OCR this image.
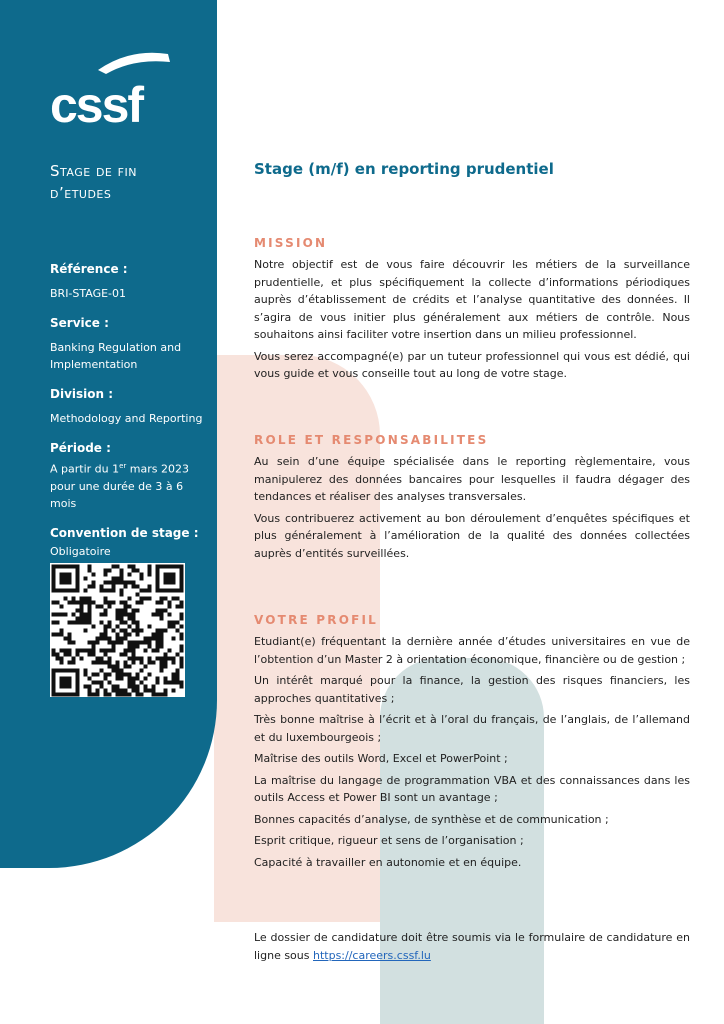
cssf
Stage de fin
d’etudes
Référence :
BRI-STAGE-01
Service :
Banking Regulation and Implementation
Division :
Methodology and Reporting
Période :
A partir du 1er mars 2023 pour une durée de 3 à 6 mois
Convention de stage :
Obligatoire
Stage (m/f) en reporting prudentiel
MISSION

Notre objectif est de vous faire découvrir les métiers de la surveillance prudentielle, et plus spécifiquement la collecte d’informations périodiques auprès d’établissement de crédits et l’analyse quantitative des données. Il s’agira de vous initier plus généralement aux métiers de contrôle. Nous souhaitons ainsi faciliter votre insertion dans un milieu professionnel.

Vous serez accompagné(e) par un tuteur professionnel qui vous est dédié, qui vous guide et vous conseille tout au long de votre stage.

ROLE ET RESPONSABILITES

Au sein d’une équipe spécialisée dans le reporting règlementaire, vous manipulerez des données bancaires pour lesquelles il faudra dégager des tendances et réaliser des analyses transversales.

Vous contribuerez activement au bon déroulement d’enquêtes spécifiques et plus généralement à l’amélioration de la qualité des données collectées auprès d’entités surveillées.

VOTRE PROFIL

Etudiant(e) fréquentant la dernière année d’études universitaires en vue de l’obtention d’un Master 2 à orientation économique, financière ou de gestion ;

Un intérêt marqué pour la finance, la gestion des risques financiers, les approches quantitatives ;

Très bonne maîtrise à l’écrit et à l’oral du français, de l’anglais, de l’allemand et du luxembourgeois ;

Maîtrise des outils Word, Excel et PowerPoint ;

La maîtrise du langage de programmation VBA et des connaissances dans les outils Access et Power BI sont un avantage ;

Bonnes capacités d’analyse, de synthèse et de communication ;

Esprit critique, rigueur et sens de l’organisation ;

Capacité à travailler en autonomie et en équipe.

Le dossier de candidature doit être soumis via le formulaire de candidature en ligne sous https://careers.cssf.lu
